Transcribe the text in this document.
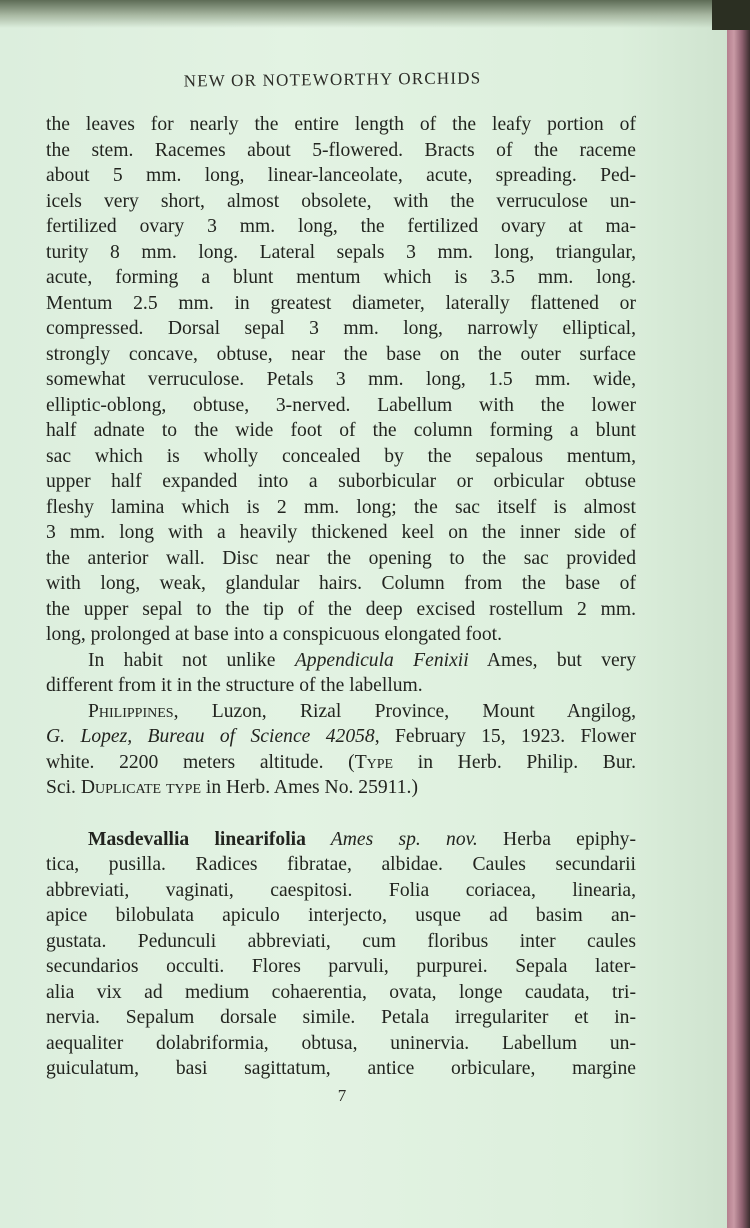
NEW OR NOTEWORTHY ORCHIDS
the leaves for nearly the entire length of the leafy portion of
the stem. Racemes about 5-flowered. Bracts of the raceme
about 5 mm. long, linear-lanceolate, acute, spreading. Ped-
icels very short, almost obsolete, with the verruculose un-
fertilized ovary 3 mm. long, the fertilized ovary at ma-
turity 8 mm. long. Lateral sepals 3 mm. long, triangular,
acute, forming a blunt mentum which is 3.5 mm. long.
Mentum 2.5 mm. in greatest diameter, laterally flattened or
compressed. Dorsal sepal 3 mm. long, narrowly elliptical,
strongly concave, obtuse, near the base on the outer surface
somewhat verruculose. Petals 3 mm. long, 1.5 mm. wide,
elliptic-oblong, obtuse, 3-nerved. Labellum with the lower
half adnate to the wide foot of the column forming a blunt
sac which is wholly concealed by the sepalous mentum,
upper half expanded into a suborbicular or orbicular obtuse
fleshy lamina which is 2 mm. long; the sac itself is almost
3 mm. long with a heavily thickened keel on the inner side of
the anterior wall. Disc near the opening to the sac provided
with long, weak, glandular hairs. Column from the base of
the upper sepal to the tip of the deep excised rostellum 2 mm.
long, prolonged at base into a conspicuous elongated foot.
In habit not unlike Appendicula Fenixii Ames, but very
different from it in the structure of the labellum.
Philippines, Luzon, Rizal Province, Mount Angilog,
G. Lopez, Bureau of Science 42058, February 15, 1923. Flower
white. 2200 meters altitude. (Type in Herb. Philip. Bur.
Sci. Duplicate type in Herb. Ames No. 25911.)
Masdevallia linearifolia Ames sp. nov. Herba epiphy-
tica, pusilla. Radices fibratae, albidae. Caules secundarii
abbreviati, vaginati, caespitosi. Folia coriacea, linearia,
apice bilobulata apiculo interjecto, usque ad basim an-
gustata. Pedunculi abbreviati, cum floribus inter caules
secundarios occulti. Flores parvuli, purpurei. Sepala later-
alia vix ad medium cohaerentia, ovata, longe caudata, tri-
nervia. Sepalum dorsale simile. Petala irregulariter et in-
aequaliter dolabriformia, obtusa, uninervia. Labellum un-
guiculatum, basi sagittatum, antice orbiculare, margine
7
